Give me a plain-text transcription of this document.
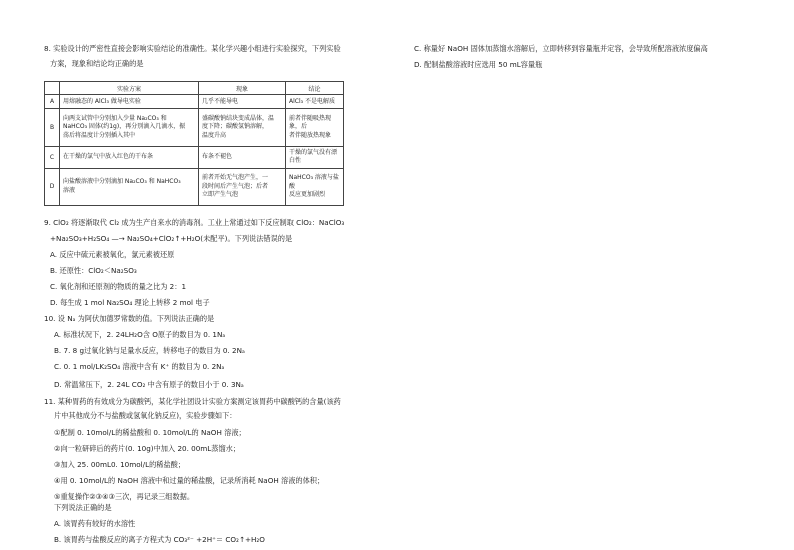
8. 实验设计的严密性直接会影响实验结论的准确性。某化学兴趣小组进行实验探究，下列实验
方案，现象和结论均正确的是
	实验方案	现象	结论
A	用熔融态的 AlCl₃ 做导电实验	几乎不能导电	AlCl₃ 不是电解质
B	向两支试管中分别加入少量 Na₂CO₃ 和
NaHCO₃ 固体(约1g)，再分别滴入几滴水，振
荡后将温度计分别插入其中	盛碳酸钠结块变成晶体，温
度下降；碳酸氢钠溶解，
温度升高	前者伴随吸热现象，后
者伴随放热现象
C	在干燥的氯气中放入红色的干布条	布条不褪色	干燥的氯气没有漂白性
D	向盐酸溶液中分别滴加 Na₂CO₃ 和 NaHCO₃
溶液	前者开始无气泡产生，一
段时间后产生气泡；后者
立即产生气泡	NaHCO₃ 溶液与盐酸
反应更加剧烈
9. ClO₂ 将逐渐取代 Cl₂ 成为生产自来水的消毒剂。工业上常通过如下反应制取 ClO₂：NaClO₃
+Na₂SO₃+H₂SO₄ —→ Na₂SO₄+ClO₂↑+H₂O(未配平)。下列说法错误的是
A. 反应中硫元素被氧化，氯元素被还原
B. 还原性：ClO₂＜Na₂SO₃
C. 氧化剂和还原剂的物质的量之比为 2：1
D. 每生成 1 mol Na₂SO₄ 理论上转移 2 mol 电子
10. 设 Nₐ 为阿伏加德罗常数的值。下列说法正确的是
A. 标准状况下，2. 24LH₂O含 O原子的数目为 0. 1Nₐ
B. 7. 8 g过氧化钠与足量水反应，转移电子的数目为 0. 2Nₐ
C. 0. 1 mol/LK₂SO₄ 溶液中含有 K⁺ 的数目为 0. 2Nₐ
D. 常温常压下，2. 24L CO₂ 中含有原子的数目小于 0. 3Nₐ
11. 某种胃药的有效成分为碳酸钙，某化学社团设计实验方案测定该胃药中碳酸钙的含量(该药
片中其他成分不与盐酸或氢氧化钠反应)，实验步骤如下：
①配制 0. 10mol/L的稀盐酸和 0. 10mol/L的 NaOH 溶液；
②向一粒研碎后的药片(0. 10g)中加入 20. 00mL蒸馏水；
③加入 25. 00mL0. 10mol/L的稀盐酸；
④用 0. 10mol/L的 NaOH 溶液中和过量的稀盐酸，记录所消耗 NaOH 溶液的体积；
⑤重复操作②③④③三次，再记录三组数据。
下列说法正确的是
A. 该胃药有较好的水溶性
B. 该胃药与盐酸反应的离子方程式为 CO₃²⁻ +2H⁺＝ CO₂↑+H₂O
C. 称量好 NaOH 固体加蒸馏水溶解后，立即转移到容量瓶并定容，会导致所配溶液浓度偏高
D. 配制盐酸溶液时应选用 50 mL容量瓶
